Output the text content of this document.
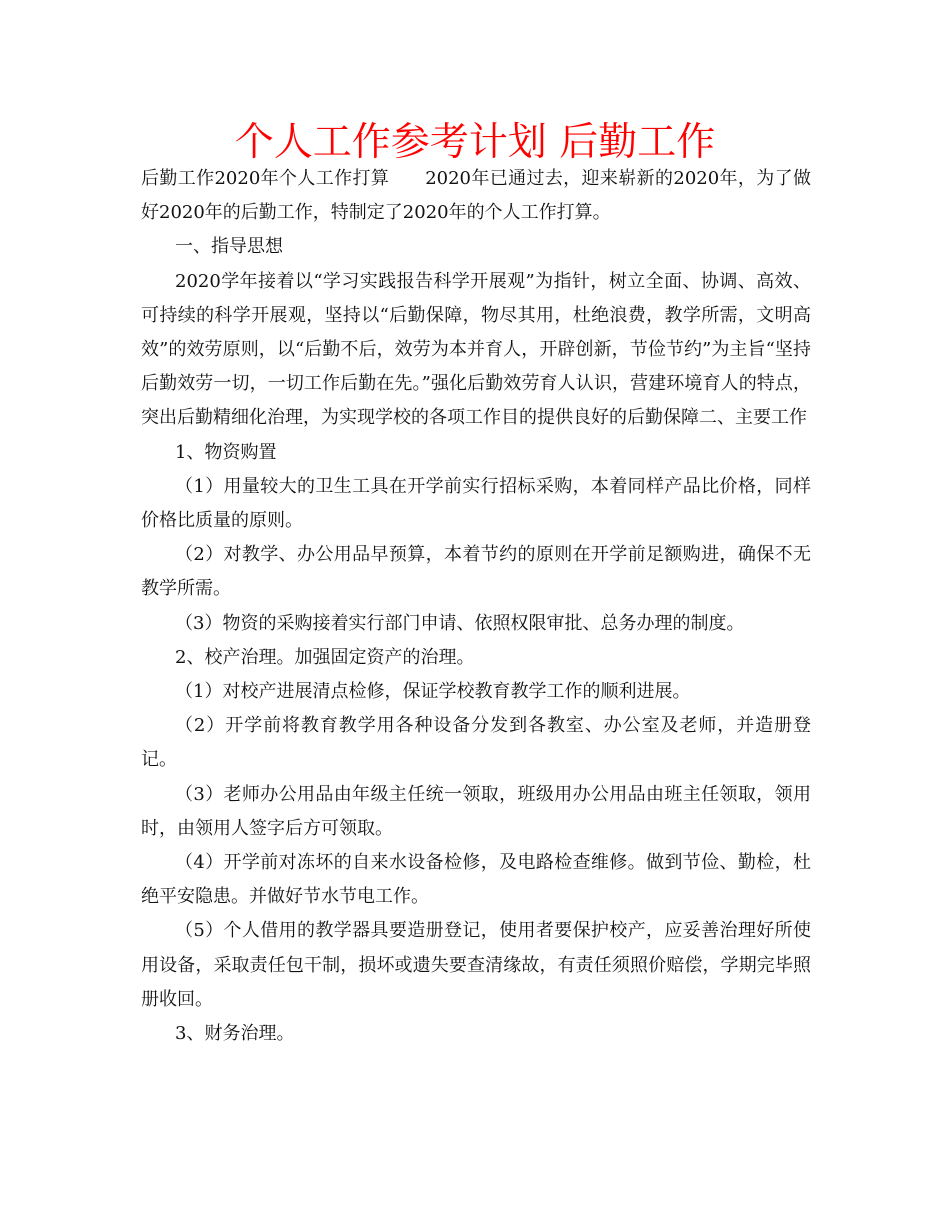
个人工作参考计划 后勤工作

后勤工作2020年个人工作打算 2020年已通过去，迎来崭新的2020年，为了做好2020年的后勤工作，特制定了2020年的个人工作打算。

一、指导思想

2020学年接着以“学习实践报告科学开展观”为指针，树立全面、协调、高效、可持续的科学开展观，坚持以“后勤保障，物尽其用，杜绝浪费，教学所需，文明高效”的效劳原则，以“后勤不后，效劳为本并育人，开辟创新，节俭节约”为主旨“坚持后勤效劳一切，一切工作后勤在先。”强化后勤效劳育人认识，营建环境育人的特点，突出后勤精细化治理，为实现学校的各项工作目的提供良好的后勤保障二、主要工作

1、物资购置

（1）用量较大的卫生工具在开学前实行招标采购，本着同样产品比价格，同样价格比质量的原则。

（2）对教学、办公用品早预算，本着节约的原则在开学前足额购进，确保不无教学所需。

（3）物资的采购接着实行部门申请、依照权限审批、总务办理的制度。

2、校产治理。加强固定资产的治理。

（1）对校产进展清点检修，保证学校教育教学工作的顺利进展。

（2）开学前将教育教学用各种设备分发到各教室、办公室及老师，并造册登记。

（3）老师办公用品由年级主任统一领取，班级用办公用品由班主任领取，领用时，由领用人签字后方可领取。

（4）开学前对冻坏的自来水设备检修，及电路检查维修。做到节俭、勤检，杜绝平安隐患。并做好节水节电工作。

（5）个人借用的教学器具要造册登记，使用者要保护校产，应妥善治理好所使用设备，采取责任包干制，损坏或遗失要查清缘故，有责任须照价赔偿，学期完毕照册收回。

3、财务治理。
